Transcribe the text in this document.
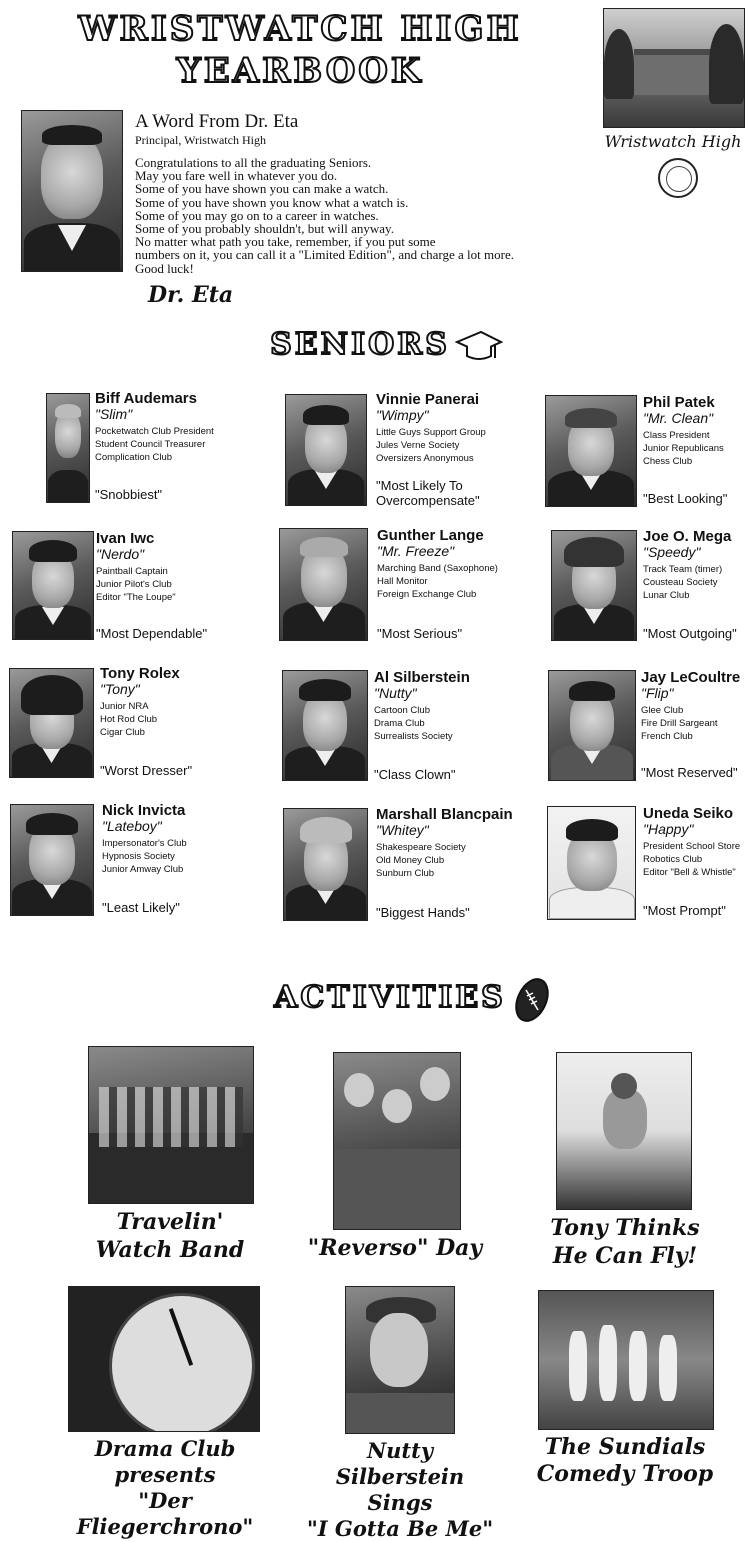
WRISTWATCH HIGH
YEARBOOK
Wristwatch High
A Word From Dr. Eta
Principal, Wristwatch High
Congratulations to all the graduating Seniors.
May you fare well in whatever you do.
Some of you have shown you can make a watch.
Some of you have shown you know what a watch is.
Some of you may go on to a career in watches.
Some of you probably shouldn't, but will anyway.
No matter what path you take, remember, if you put some
numbers on it, you can call it a "Limited Edition", and charge a lot more.
Good luck!
Dr. Eta
SENIORS
Biff Audemars
"Slim"
Pocketwatch Club President
Student Council Treasurer
Complication Club
"Snobbiest"
Vinnie Panerai
"Wimpy"
Little Guys Support Group
Jules Verne Society
Oversizers Anonymous
"Most Likely To Overcompensate"
Phil Patek
"Mr. Clean"
Class President
Junior Republicans
Chess Club
"Best Looking"
Ivan Iwc
"Nerdo"
Paintball Captain
Junior Pilot's Club
Editor "The Loupe"
"Most Dependable"
Gunther Lange
"Mr. Freeze"
Marching Band (Saxophone)
Hall Monitor
Foreign Exchange Club
"Most Serious"
Joe O. Mega
"Speedy"
Track Team (timer)
Cousteau Society
Lunar Club
"Most Outgoing"
Tony Rolex
"Tony"
Junior NRA
Hot Rod Club
Cigar Club
"Worst Dresser"
Al Silberstein
"Nutty"
Cartoon Club
Drama Club
Surrealists Society
"Class Clown"
Jay LeCoultre
"Flip"
Glee Club
Fire Drill Sargeant
French Club
"Most Reserved"
Nick Invicta
"Lateboy"
Impersonator's Club
Hypnosis Society
Junior Amway Club
"Least Likely"
Marshall Blancpain
"Whitey"
Shakespeare Society
Old Money Club
Sunburn Club
"Biggest Hands"
Uneda Seiko
"Happy"
President School Store
Robotics Club
Editor "Bell & Whistle"
"Most Prompt"
ACTIVITIES
Travelin'
Watch Band	"Reverso" Day
Tony Thinks
He Can Fly!
Drama Club
presents
"Der Fliegerchrono"
Nutty Silberstein
Sings
"I Gotta Be Me"
The Sundials
Comedy Troop
